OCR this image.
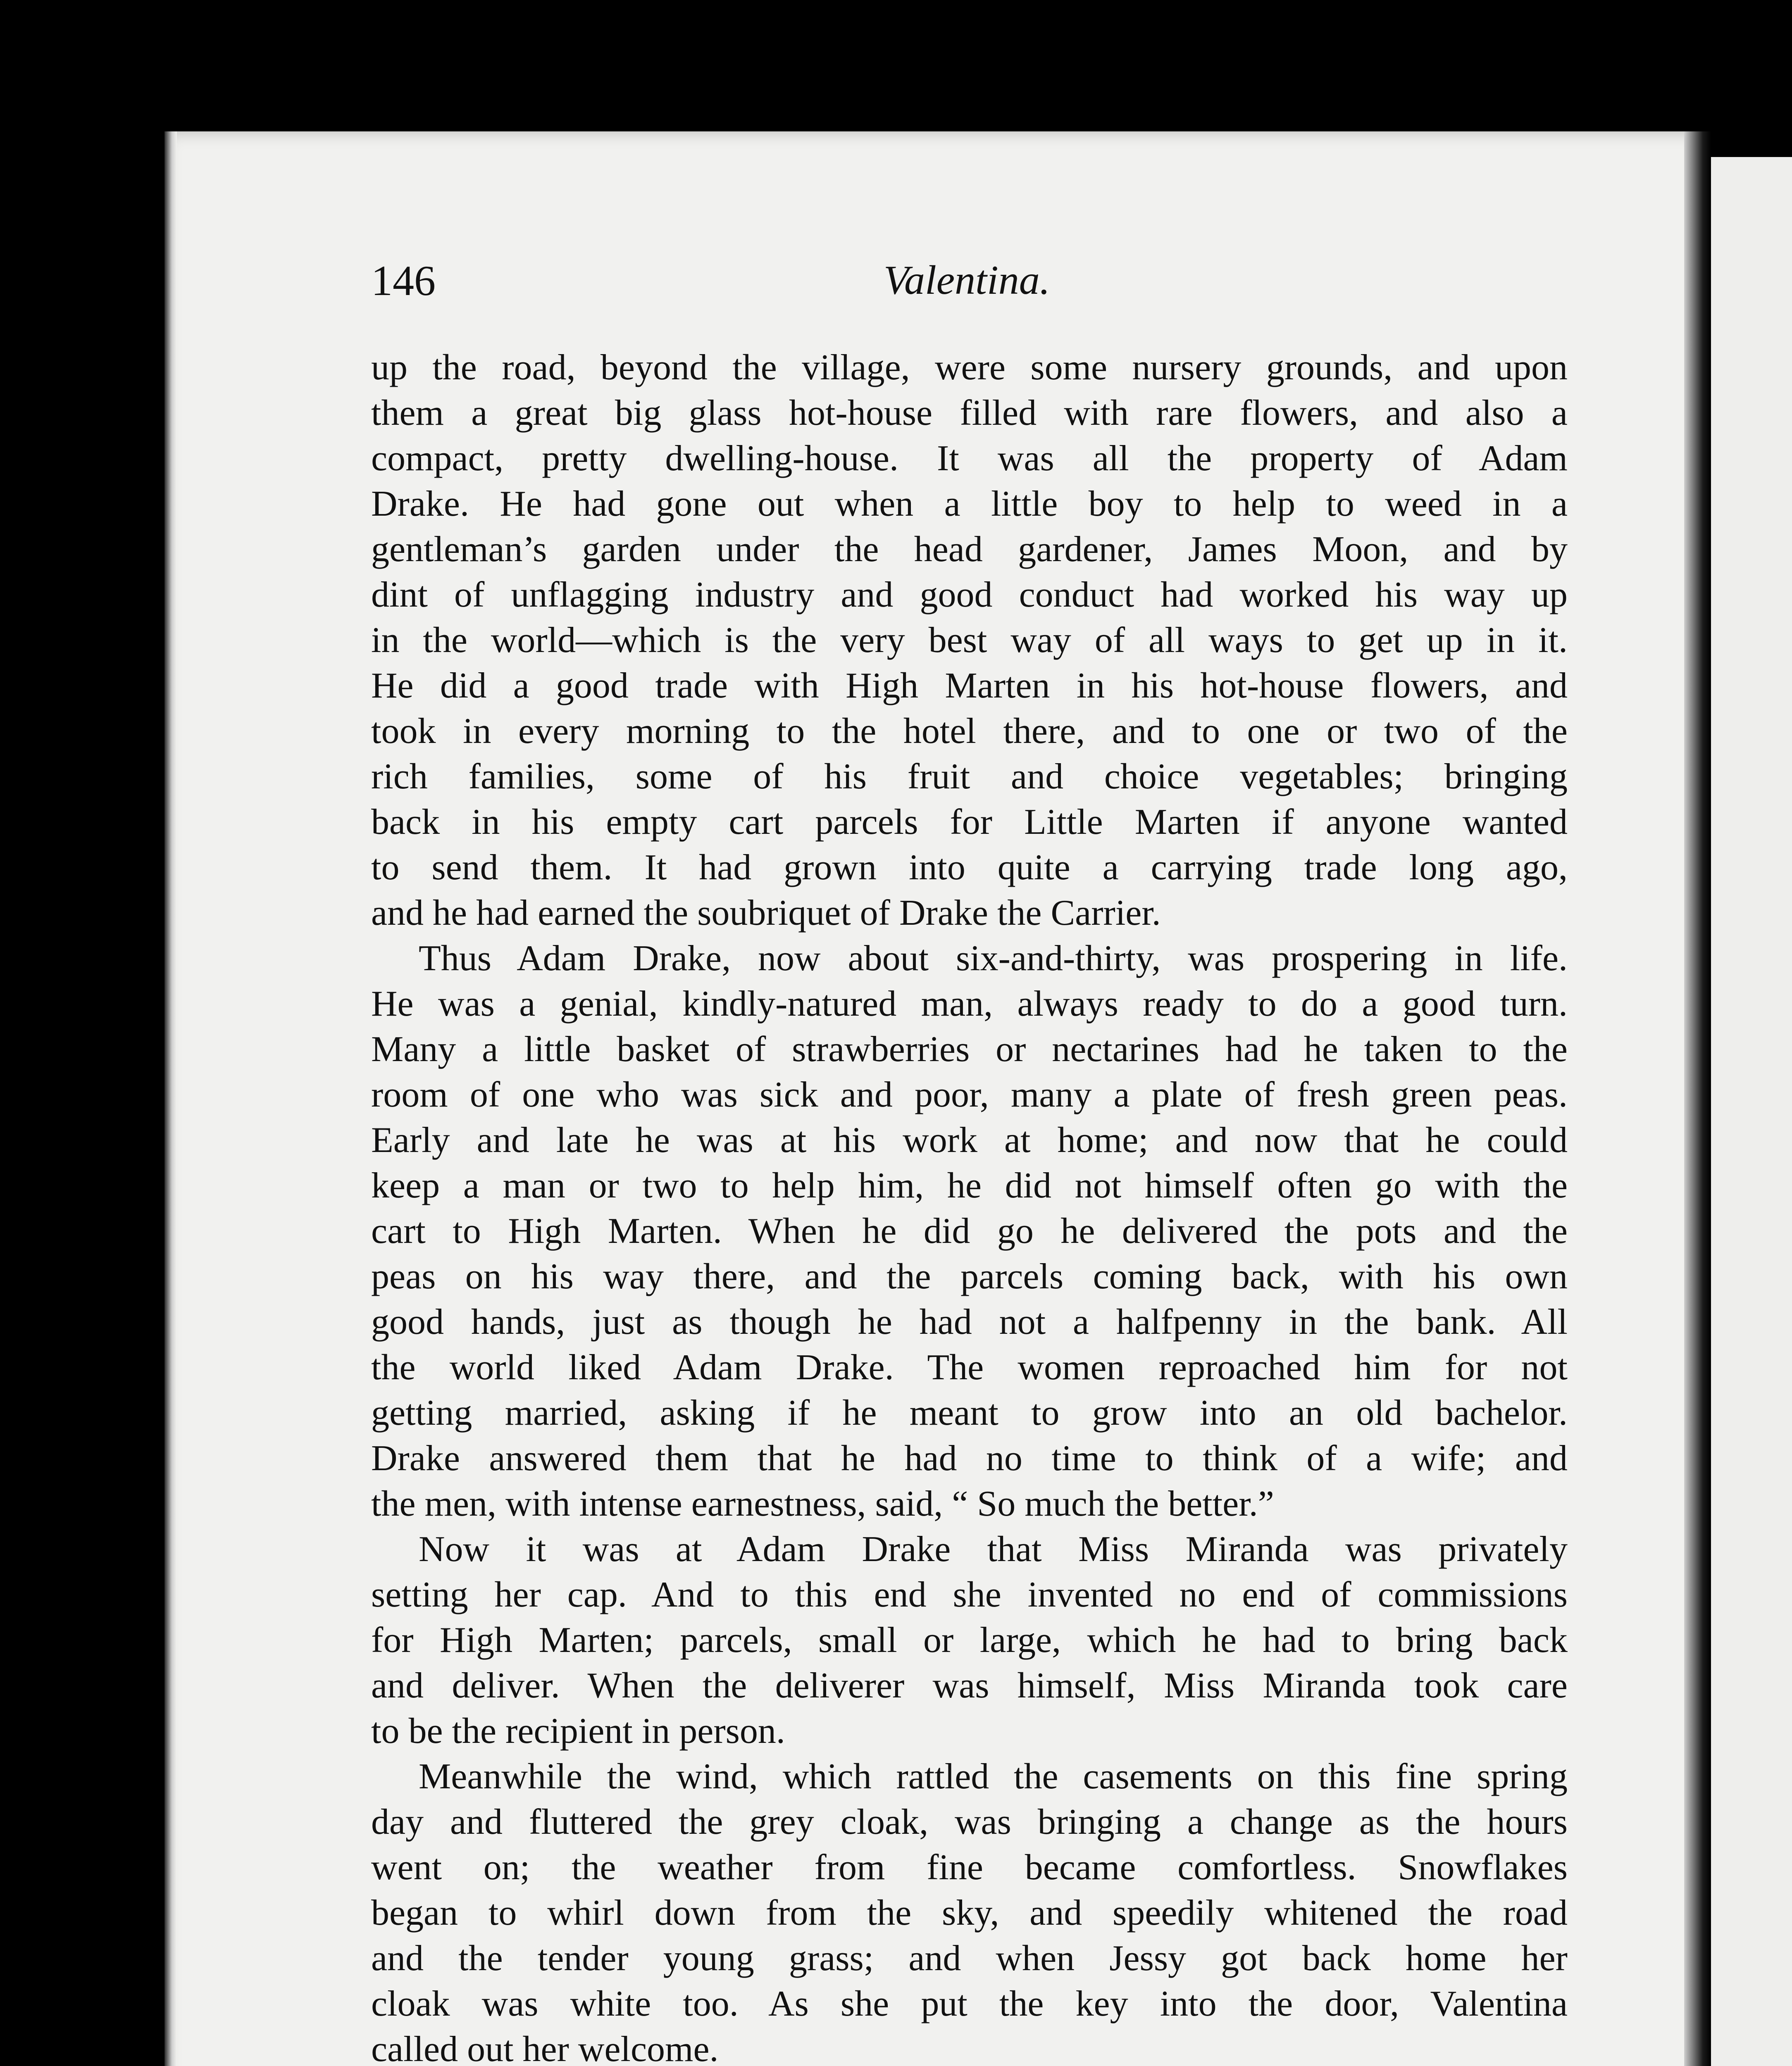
146	Valentina.
up the road, beyond the village, were some nursery grounds, and upon
them a great big glass hot-house filled with rare flowers, and also a
compact, pretty dwelling-house. It was all the property of Adam
Drake. He had gone out when a little boy to help to weed in a
gentleman’s garden under the head gardener, James Moon, and by
dint of unflagging industry and good conduct had worked his way up
in the world—which is the very best way of all ways to get up in it.
He did a good trade with High Marten in his hot-house flowers, and
took in every morning to the hotel there, and to one or two of the
rich families, some of his fruit and choice vegetables; bringing
back in his empty cart parcels for Little Marten if anyone wanted
to send them. It had grown into quite a carrying trade long ago,
and he had earned the soubriquet of Drake the Carrier.
Thus Adam Drake, now about six-and-thirty, was prospering in life.
He was a genial, kindly-natured man, always ready to do a good turn.
Many a little basket of strawberries or nectarines had he taken to the
room of one who was sick and poor, many a plate of fresh green peas.
Early and late he was at his work at home; and now that he could
keep a man or two to help him, he did not himself often go with the
cart to High Marten. When he did go he delivered the pots and the
peas on his way there, and the parcels coming back, with his own
good hands, just as though he had not a halfpenny in the bank. All
the world liked Adam Drake. The women reproached him for not
getting married, asking if he meant to grow into an old bachelor.
Drake answered them that he had no time to think of a wife; and
the men, with intense earnestness, said, “ So much the better.”
Now it was at Adam Drake that Miss Miranda was privately
setting her cap. And to this end she invented no end of commissions
for High Marten; parcels, small or large, which he had to bring back
and deliver. When the deliverer was himself, Miss Miranda took care
to be the recipient in person.
Meanwhile the wind, which rattled the casements on this fine spring
day and fluttered the grey cloak, was bringing a change as the hours
went on; the weather from fine became comfortless. Snowflakes
began to whirl down from the sky, and speedily whitened the road
and the tender young grass; and when Jessy got back home her
cloak was white too. As she put the key into the door, Valentina
called out her welcome.
